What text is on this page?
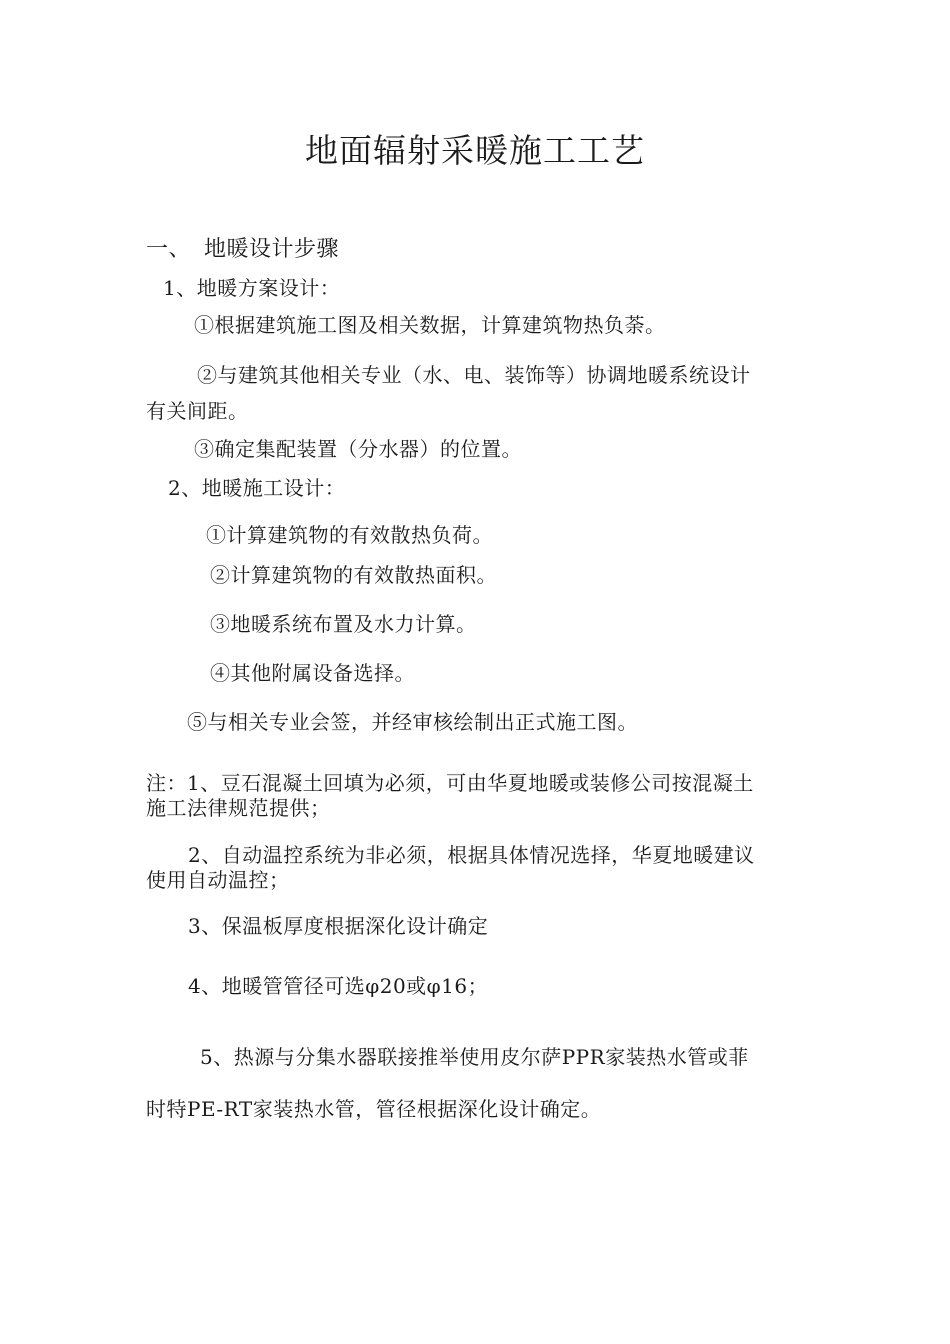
地面辐射采暖施工工艺
一、 地暖设计步骤
1、地暖方案设计：
①根据建筑施工图及相关数据，计算建筑物热负荼。
②与建筑其他相关专业（水、电、装饰等）协调地暖系统设计
有关间距。
③确定集配装置（分水器）的位置。
2、地暖施工设计：
①计算建筑物的有效散热负荷。
②计算建筑物的有效散热面积。
③地暖系统布置及水力计算。
④其他附属设备选择。
⑤与相关专业会签，并经审核绘制出正式施工图。
注：1、豆石混凝土回填为必须，可由华夏地暖或装修公司按混凝土
施工法律规范提供；
2、自动温控系统为非必须，根据具体情况选择，华夏地暖建议
使用自动温控；
3、保温板厚度根据深化设计确定
4、地暖管管径可选φ20或φ16；
5、热源与分集水器联接推举使用皮尔萨PPR家装热水管或菲
时特PE-RT家装热水管，管径根据深化设计确定。
